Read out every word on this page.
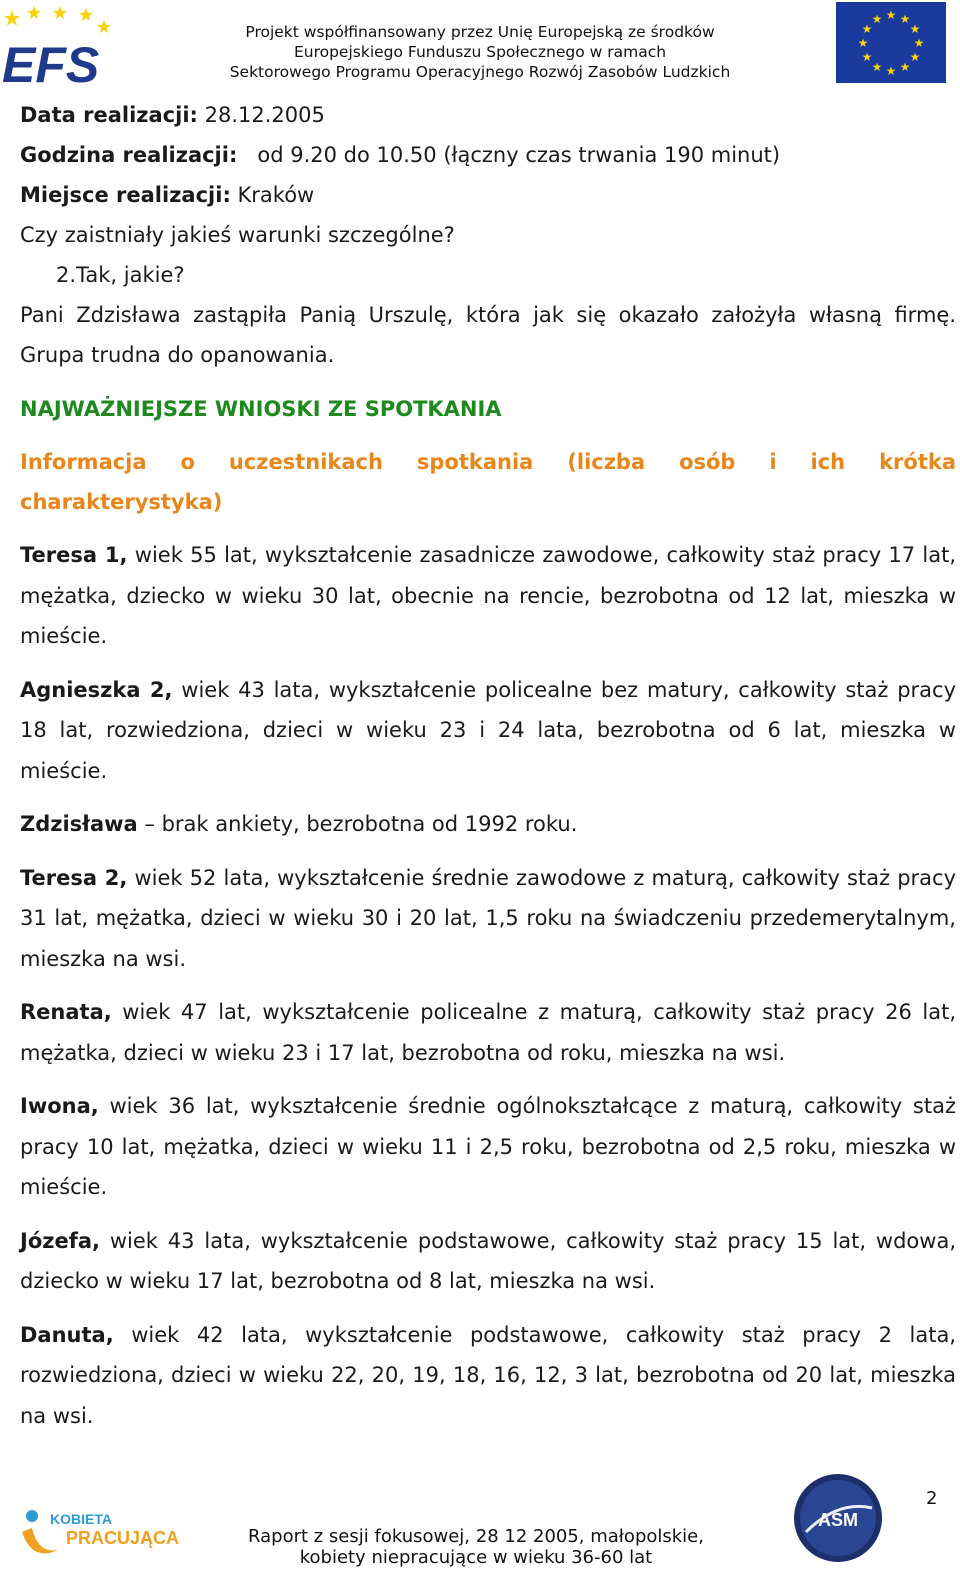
EFS
Projekt współfinansowany przez Unię Europejską ze środków
Europejskiego Funduszu Społecznego w ramach
Sektorowego Programu Operacyjnego Rozwój Zasobów Ludzkich
★ ★
★
★
★
★
★
★
★
★
★
★
Data realizacji: 28.12.2005
Godzina realizacji:   od 9.20 do 10.50 (łączny czas trwania 190 minut)
Miejsce realizacji: Kraków
Czy zaistniały jakieś warunki szczególne?
2.Tak, jakie?
Pani Zdzisława zastąpiła Panią Urszulę, która jak się okazało założyła własną firmę. Grupa trudna do opanowania.
NAJWAŻNIEJSZE WNIOSKI ZE SPOTKANIA
Informacja o uczestnikach spotkania (liczba osób i ich krótka
charakterystyka)
Teresa 1, wiek 55 lat, wykształcenie zasadnicze zawodowe, całkowity staż pracy 17 lat, mężatka, dziecko w wieku 30 lat, obecnie na rencie, bezrobotna od 12 lat, mieszka w mieście.
Agnieszka 2, wiek 43 lata, wykształcenie policealne bez matury, całkowity staż pracy 18 lat, rozwiedziona, dzieci w wieku 23 i 24 lata, bezrobotna od 6 lat, mieszka w mieście.
Zdzisława – brak ankiety, bezrobotna od 1992 roku.
Teresa 2, wiek 52 lata, wykształcenie średnie zawodowe z maturą, całkowity staż pracy 31 lat, mężatka, dzieci w wieku 30 i 20 lat, 1,5 roku na świadczeniu przedemerytalnym, mieszka na wsi.
Renata, wiek 47 lat, wykształcenie policealne z maturą, całkowity staż pracy 26 lat, mężatka, dzieci w wieku 23 i 17 lat, bezrobotna od roku, mieszka na wsi.
Iwona, wiek 36 lat, wykształcenie średnie ogólnokształcące z maturą, całkowity staż pracy 10 lat, mężatka, dzieci w wieku 11 i 2,5 roku, bezrobotna od 2,5 roku, mieszka w mieście.
Józefa, wiek 43 lata, wykształcenie podstawowe, całkowity staż pracy 15 lat, wdowa, dziecko w wieku 17 lat, bezrobotna od 8 lat, mieszka na wsi.
Danuta, wiek 42 lata, wykształcenie podstawowe, całkowity staż pracy 2 lata, rozwiedziona, dzieci w wieku 22, 20, 19, 18, 16, 12, 3 lat, bezrobotna od 20 lat, mieszka na wsi.
KOBIETA
PRACUJĄCA	Raport z sesji fokusowej, 28 12 2005, małopolskie,
kobiety niepracujące w wieku 36-60 lat
ASM
2
